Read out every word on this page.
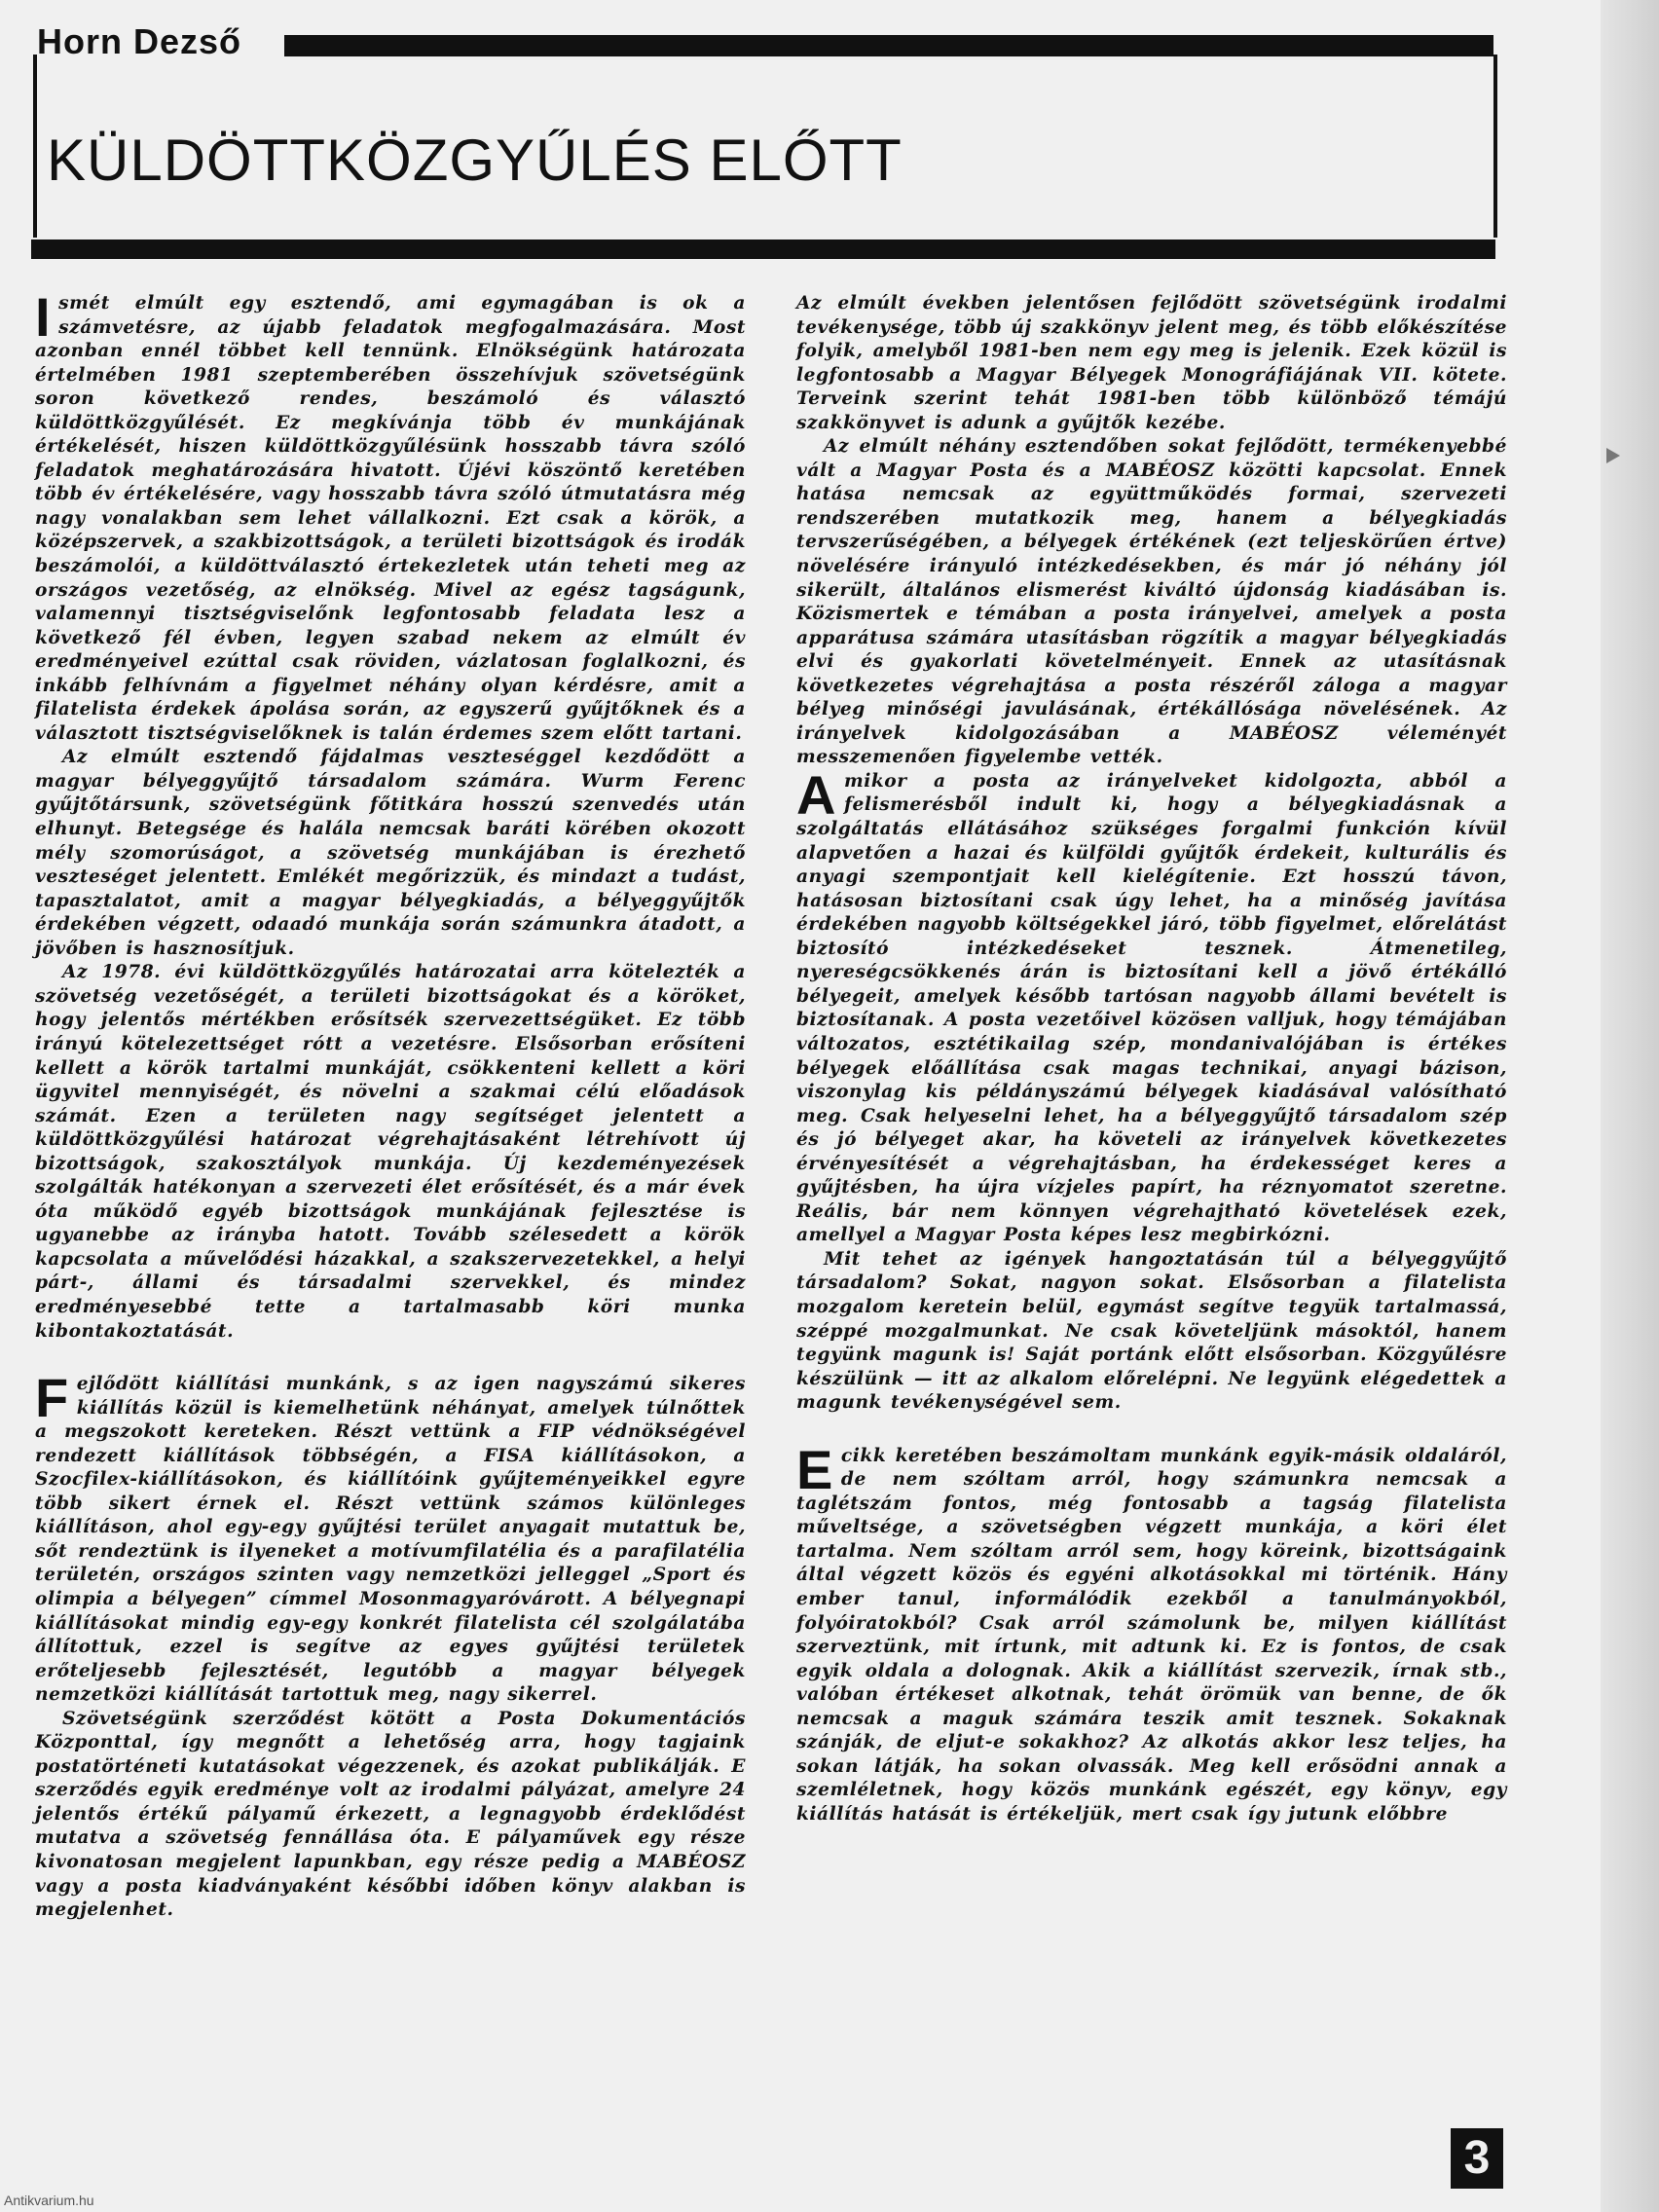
Horn Dezső
KÜLDÖTTKÖZGYŰLÉS ELŐTT

Ismét elmúlt egy esztendő, ami egymagában is ok a számvetésre, az újabb feladatok megfogalmazására. Most azonban ennél többet kell tennünk. Elnökségünk határozata értelmében 1981 szeptemberében összehívjuk szövetségünk soron következő rendes, beszámoló és választó küldöttközgyűlését. Ez megkívánja több év munkájának értékelését, hiszen küldöttközgyűlésünk hosszabb távra szóló feladatok meghatározására hivatott. Újévi köszöntő keretében több év értékelésére, vagy hosszabb távra szóló útmutatásra még nagy vonalakban sem lehet vállalkozni. Ezt csak a körök, a középszervek, a szakbizottságok, a területi bizottságok és irodák beszámolói, a küldöttválasztó értekezletek után teheti meg az országos vezetőség, az elnökség. Mivel az egész tagságunk, valamennyi tisztségviselőnk legfontosabb feladata lesz a következő fél évben, legyen szabad nekem az elmúlt év eredményeivel ezúttal csak röviden, vázlatosan foglalkozni, és inkább felhívnám a figyelmet néhány olyan kérdésre, amit a filatelista érdekek ápolása során, az egyszerű gyűjtőknek és a választott tisztségviselőknek is talán érdemes szem előtt tartani.

Az elmúlt esztendő fájdalmas veszteséggel kezdődött a magyar bélyeggyűjtő társadalom számára. Wurm Ferenc gyűjtőtársunk, szövetségünk főtitkára hosszú szenvedés után elhunyt. Betegsége és halála nemcsak baráti körében okozott mély szomorúságot, a szövetség munkájában is érezhető veszteséget jelentett. Emlékét megőrizzük, és mindazt a tudást, tapasztalatot, amit a magyar bélyegkiadás, a bélyeggyűjtők érdekében végzett, odaadó munkája során számunkra átadott, a jövőben is hasznosítjuk.

Az 1978. évi küldöttközgyűlés határozatai arra kötelezték a szövetség vezetőségét, a területi bizottságokat és a köröket, hogy jelentős mértékben erősítsék szervezettségüket. Ez több irányú kötelezettséget rótt a vezetésre. Elsősorban erősíteni kellett a körök tartalmi munkáját, csökkenteni kellett a köri ügyvitel mennyiségét, és növelni a szakmai célú előadások számát. Ezen a területen nagy segítséget jelentett a küldöttközgyűlési határozat végrehajtásaként létrehívott új bizottságok, szakosztályok munkája. Új kezdeményezések szolgálták hatékonyan a szervezeti élet erősítését, és a már évek óta működő egyéb bizottságok munkájának fejlesztése is ugyanebbe az irányba hatott. Tovább szélesedett a körök kapcsolata a művelődési házakkal, a szakszervezetekkel, a helyi párt-, állami és társadalmi szervekkel, és mindez eredményesebbé tette a tartalmasabb köri munka kibontakoztatását.

Fejlődött kiállítási munkánk, s az igen nagyszámú sikeres kiállítás közül is kiemelhetünk néhányat, amelyek túlnőttek a megszokott kereteken. Részt vettünk a FIP védnökségével rendezett kiállítások többségén, a FISA kiállításokon, a Szocfilex-kiállításokon, és kiállítóink gyűjteményeikkel egyre több sikert érnek el. Részt vettünk számos különleges kiállításon, ahol egy-egy gyűjtési terület anyagait mutattuk be, sőt rendeztünk is ilyeneket a motívumfilatélia és a parafilatélia területén, országos szinten vagy nemzetközi jelleggel „Sport és olimpia a bélyegen” címmel Mosonmagyaróvárott. A bélyegnapi kiállításokat mindig egy-egy konkrét filatelista cél szolgálatába állítottuk, ezzel is segítve az egyes gyűjtési területek erőteljesebb fejlesztését, legutóbb a magyar bélyegek nemzetközi kiállítását tartottuk meg, nagy sikerrel.

Szövetségünk szerződést kötött a Posta Dokumentációs Központtal, így megnőtt a lehetőség arra, hogy tagjaink postatörténeti kutatásokat végezzenek, és azokat publikálják. E szerződés egyik eredménye volt az irodalmi pályázat, amelyre 24 jelentős értékű pályamű érkezett, a legnagyobb érdeklődést mutatva a szövetség fennállása óta. E pályaművek egy része kivonatosan megjelent lapunkban, egy része pedig a MABÉOSZ vagy a posta kiadványaként későbbi időben könyv alakban is megjelenhet.

Az elmúlt években jelentősen fejlődött szövetségünk irodalmi tevékenysége, több új szakkönyv jelent meg, és több előkészítése folyik, amelyből 1981-ben nem egy meg is jelenik. Ezek közül is legfontosabb a Magyar Bélyegek Monográfiájának VII. kötete. Terveink szerint tehát 1981-ben több különböző témájú szakkönyvet is adunk a gyűjtők kezébe.

Az elmúlt néhány esztendőben sokat fejlődött, termékenyebbé vált a Magyar Posta és a MABÉOSZ közötti kapcsolat. Ennek hatása nemcsak az együttműködés formai, szervezeti rendszerében mutatkozik meg, hanem a bélyegkiadás tervszerűségében, a bélyegek értékének (ezt teljeskörűen értve) növelésére irányuló intézkedésekben, és már jó néhány jól sikerült, általános elismerést kiváltó újdonság kiadásában is. Közismertek e témában a posta irányelvei, amelyek a posta apparátusa számára utasításban rögzítik a magyar bélyegkiadás elvi és gyakorlati követelményeit. Ennek az utasításnak következetes végrehajtása a posta részéről záloga a magyar bélyeg minőségi javulásának, értékállósága növelésének. Az irányelvek kidolgozásában a MABÉOSZ véleményét messzemenően figyelembe vették.

Amikor a posta az irányelveket kidolgozta, abból a felismerésből indult ki, hogy a bélyegkiadásnak a szolgáltatás ellátásához szükséges forgalmi funkción kívül alapvetően a hazai és külföldi gyűjtők érdekeit, kulturális és anyagi szempontjait kell kielégítenie. Ezt hosszú távon, hatásosan biztosítani csak úgy lehet, ha a minőség javítása érdekében nagyobb költségekkel járó, több figyelmet, előrelátást biztosító intézkedéseket tesznek. Átmenetileg, nyereségcsökkenés árán is biztosítani kell a jövő értékálló bélyegeit, amelyek később tartósan nagyobb állami bevételt is biztosítanak. A posta vezetőivel közösen valljuk, hogy témájában változatos, esztétikailag szép, mondanivalójában is értékes bélyegek előállítása csak magas technikai, anyagi bázison, viszonylag kis példányszámú bélyegek kiadásával valósítható meg. Csak helyeselni lehet, ha a bélyeggyűjtő társadalom szép és jó bélyeget akar, ha követeli az irányelvek következetes érvényesítését a végrehajtásban, ha érdekességet keres a gyűjtésben, ha újra vízjeles papírt, ha réznyomatot szeretne. Reális, bár nem könnyen végrehajtható követelések ezek, amellyel a Magyar Posta képes lesz megbirkózni.

Mit tehet az igények hangoztatásán túl a bélyeggyűjtő társadalom? Sokat, nagyon sokat. Elsősorban a filatelista mozgalom keretein belül, egymást segítve tegyük tartalmassá, széppé mozgalmunkat. Ne csak követeljünk másoktól, hanem tegyünk magunk is! Saját portánk előtt elsősorban. Közgyűlésre készülünk — itt az alkalom előrelépni. Ne legyünk elégedettek a magunk tevékenységével sem.

Ecikk keretében beszámoltam munkánk egyik-másik oldaláról, de nem szóltam arról, hogy számunkra nemcsak a taglétszám fontos, még fontosabb a tagság filatelista műveltsége, a szövetségben végzett munkája, a köri élet tartalma. Nem szóltam arról sem, hogy köreink, bizottságaink által végzett közös és egyéni alkotásokkal mi történik. Hány ember tanul, informálódik ezekből a tanulmányokból, folyóiratokból? Csak arról számolunk be, milyen kiállítást szerveztünk, mit írtunk, mit adtunk ki. Ez is fontos, de csak egyik oldala a dolognak. Akik a kiállítást szervezik, írnak stb., valóban értékeset alkotnak, tehát örömük van benne, de ők nemcsak a maguk számára teszik amit tesznek. Sokaknak szánják, de eljut-e sokakhoz? Az alkotás akkor lesz teljes, ha sokan látják, ha sokan olvassák. Meg kell erősödni annak a szemléletnek, hogy közös munkánk egészét, egy könyv, egy kiállítás hatását is értékeljük, mert csak így jutunk előbbre

3
Antikvarium.hu
